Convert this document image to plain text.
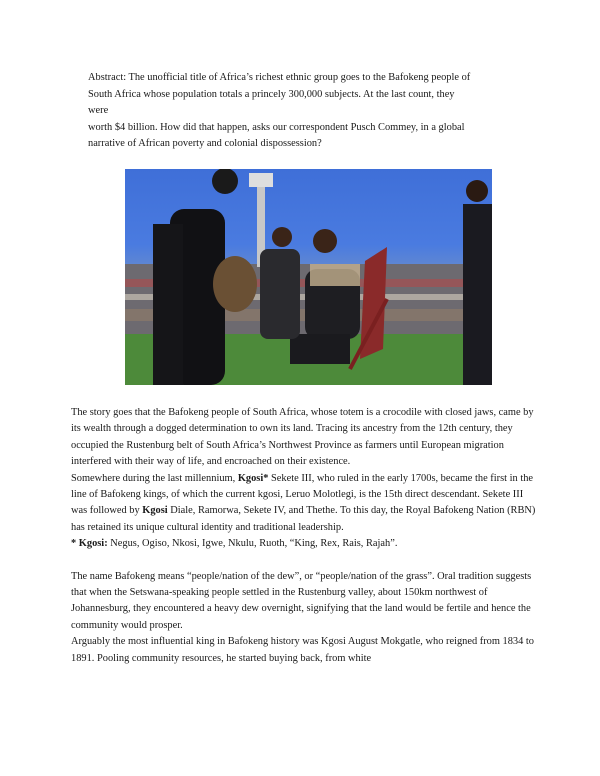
Abstract: The unofficial title of Africa’s richest ethnic group goes to the Bafokeng people of
South Africa whose population totals a princely 300,000 subjects. At the last count, they
were
worth $4 billion. How did that happen, asks our correspondent Pusch Commey, in a global
narrative of African poverty and colonial dispossession?

The story goes that the Bafokeng people of South Africa, whose totem is a crocodile with closed jaws, came by its wealth through a dogged determination to own its land. Tracing its ancestry from the 12th century, they occupied the Rustenburg belt of South Africa’s Northwest Province as farmers until European migration interfered with their way of life, and encroached on their existence.

Somewhere during the last millennium, Kgosi* Sekete III, who ruled in the early 1700s, became the first in the line of Bafokeng kings, of which the current kgosi, Leruo Molotlegi, is the 15th direct descendant. Sekete III was followed by Kgosi Diale, Ramorwa, Sekete IV, and Thethe. To this day, the Royal Bafokeng Nation (RBN) has retained its unique cultural identity and traditional leadership.

* Kgosi: Negus, Ogiso, Nkosi, Igwe, Nkulu, Ruoth, “King, Rex, Rais, Rajah”.

The name Bafokeng means “people/nation of the dew”, or “people/nation of the grass”. Oral tradition suggests that when the Setswana-speaking people settled in the Rustenburg valley, about 150km northwest of Johannesburg, they encountered a heavy dew overnight, signifying that the land would be fertile and hence the community would prosper.

Arguably the most influential king in Bafokeng history was Kgosi August Mokgatle, who reigned from 1834 to 1891. Pooling community resources, he started buying back, from white
